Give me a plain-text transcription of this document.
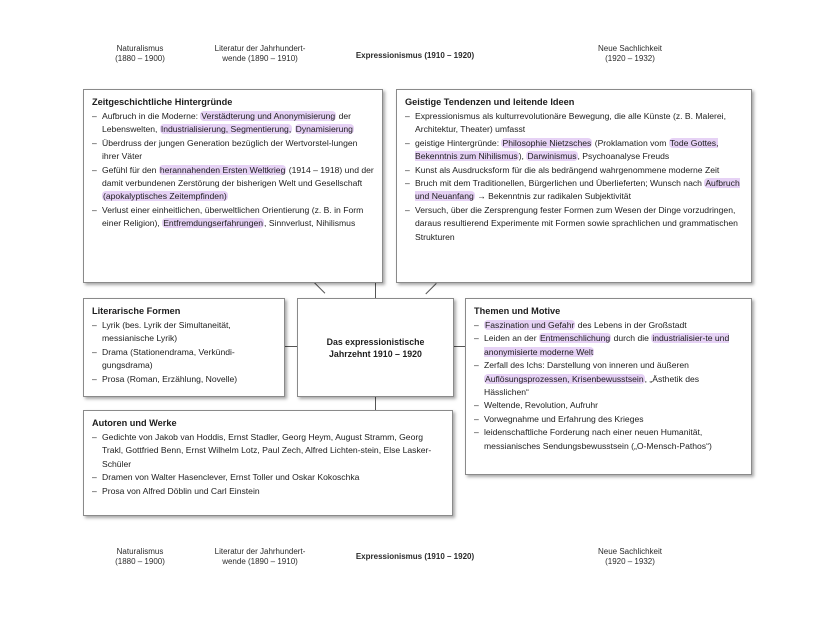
Naturalismus
(1880 – 1900)
Literatur der Jahrhundert-
wende (1890 – 1910)	Expressionismus (1910 – 1920)
Neue Sachlichkeit
(1920 – 1932)
Zeitgeschichtliche Hintergründe
– Aufbruch in die Moderne: Verstädterung und Anonymisierung der Lebenswelten, Industrialisierung, Segmentierung, Dynamisierung
– Überdruss der jungen Generation bezüglich der Wertvorstel-lungen ihrer Väter
– Gefühl für den herannahenden Ersten Weltkrieg (1914 – 1918) und der damit verbundenen Zerstörung der bisherigen Welt und Gesellschaft (apokalyptisches Zeitempfinden)
– Verlust einer einheitlichen, überweltlichen Orientierung (z. B. in Form einer Religion), Entfremdungserfahrungen, Sinnverlust, Nihilismus
Geistige Tendenzen und leitende Ideen
– Expressionismus als kulturrevolutionäre Bewegung, die alle Künste (z. B. Malerei, Architektur, Theater) umfasst
– geistige Hintergründe: Philosophie Nietzsches (Proklamation vom Tode Gottes, Bekenntnis zum Nihilismus), Darwinismus, Psychoanalyse Freuds
– Kunst als Ausdrucksform für die als bedrängend wahrgenommene moderne Zeit
– Bruch mit dem Traditionellen, Bürgerlichen und Überlieferten; Wunsch nach Aufbruch und Neuanfang → Bekenntnis zur radikalen Subjektivität
– Versuch, über die Zersprengung fester Formen zum Wesen der Dinge vorzudringen, daraus resultierend Experimente mit Formen sowie sprachlichen und grammatischen Strukturen
Literarische Formen
– Lyrik (bes. Lyrik der Simultaneität, messianische Lyrik)
– Drama (Stationendrama, Verkündi-gungsdrama)
– Prosa (Roman, Erzählung, Novelle)
Das expressionistische
Jahrzehnt 1910 – 1920
Themen und Motive
– Faszination und Gefahr des Lebens in der Großstadt
– Leiden an der Entmenschlichung durch die industrialisier-te und anonymisierte moderne Welt
– Zerfall des Ichs: Darstellung von inneren und äußeren Auflösungsprozessen, Krisenbewusstsein, „Ästhetik des Hässlichen“
– Weltende, Revolution, Aufruhr
– Vorwegnahme und Erfahrung des Krieges
– leidenschaftliche Forderung nach einer neuen Humanität, messianisches Sendungsbewusstsein („O-Mensch-Pathos“)
Autoren und Werke
– Gedichte von Jakob van Hoddis, Ernst Stadler, Georg Heym, August Stramm, Georg Trakl, Gottfried Benn, Ernst Wilhelm Lotz, Paul Zech, Alfred Lichten-stein, Else Lasker-Schüler
– Dramen von Walter Hasenclever, Ernst Toller und Oskar Kokoschka
– Prosa von Alfred Döblin und Carl Einstein
Naturalismus
(1880 – 1900)
Literatur der Jahrhundert-
wende (1890 – 1910)
Expressionismus (1910 – 1920)
Neue Sachlichkeit
(1920 – 1932)
